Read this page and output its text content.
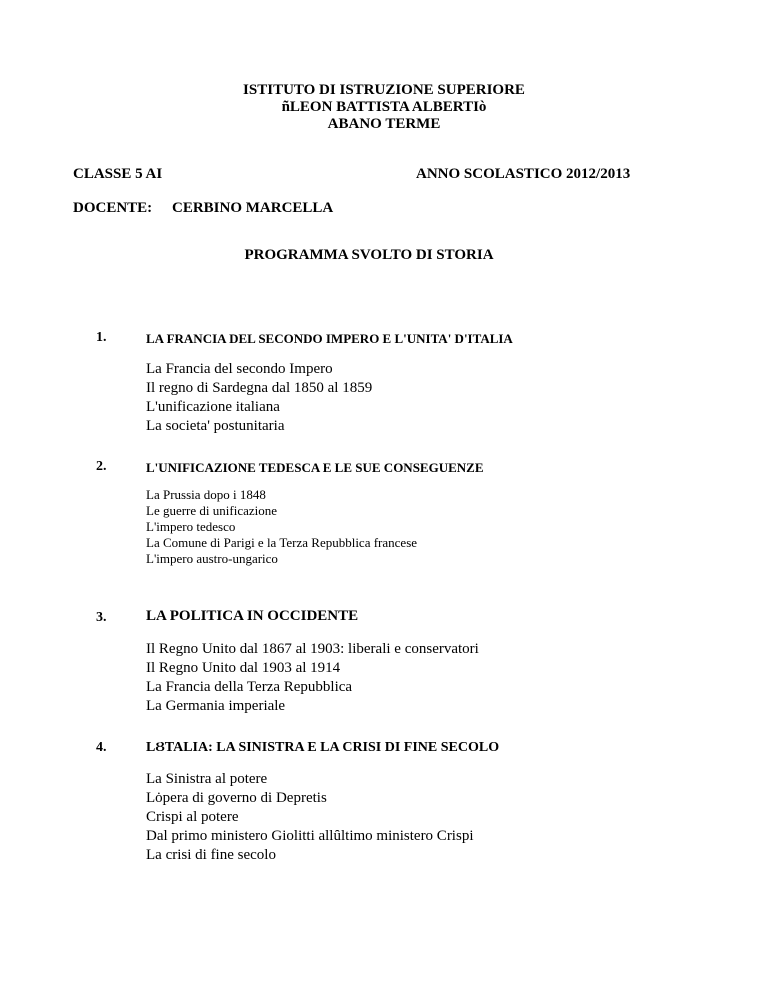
ISTITUTO DI ISTRUZIONE SUPERIORE
ñLEON BATTISTA ALBERTIò
ABANO TERME
CLASSE 5 AI	ANNO SCOLASTICO 2012/2013
DOCENTE: CERBINO MARCELLA
PROGRAMMA SVOLTO DI STORIA
1.	LA FRANCIA DEL SECONDO IMPERO E L'UNITA' D'ITALIA
La Francia del secondo Impero
Il regno di Sardegna dal 1850 al 1859
L'unificazione italiana
La societa' postunitaria
2.	L'UNIFICAZIONE TEDESCA E LE SUE CONSEGUENZE
La Prussia dopo i 1848
Le guerre di unificazione
L'impero tedesco
La Comune di Parigi e la Terza Repubblica francese
L'impero austro-ungarico
3.	LA POLITICA IN OCCIDENTE
Il Regno Unito dal 1867 al 1903: liberali e conservatori
Il Regno Unito dal 1903 al 1914
La Francia della Terza Repubblica
La Germania imperiale
4.	LȢTALIA: LA SINISTRA E LA CRISI DI FINE SECOLO
La Sinistra al potere
Lȯpera di governo di Depretis
Crispi al potere
Dal primo ministero Giolitti allȗltimo ministero Crispi
La crisi di fine secolo
